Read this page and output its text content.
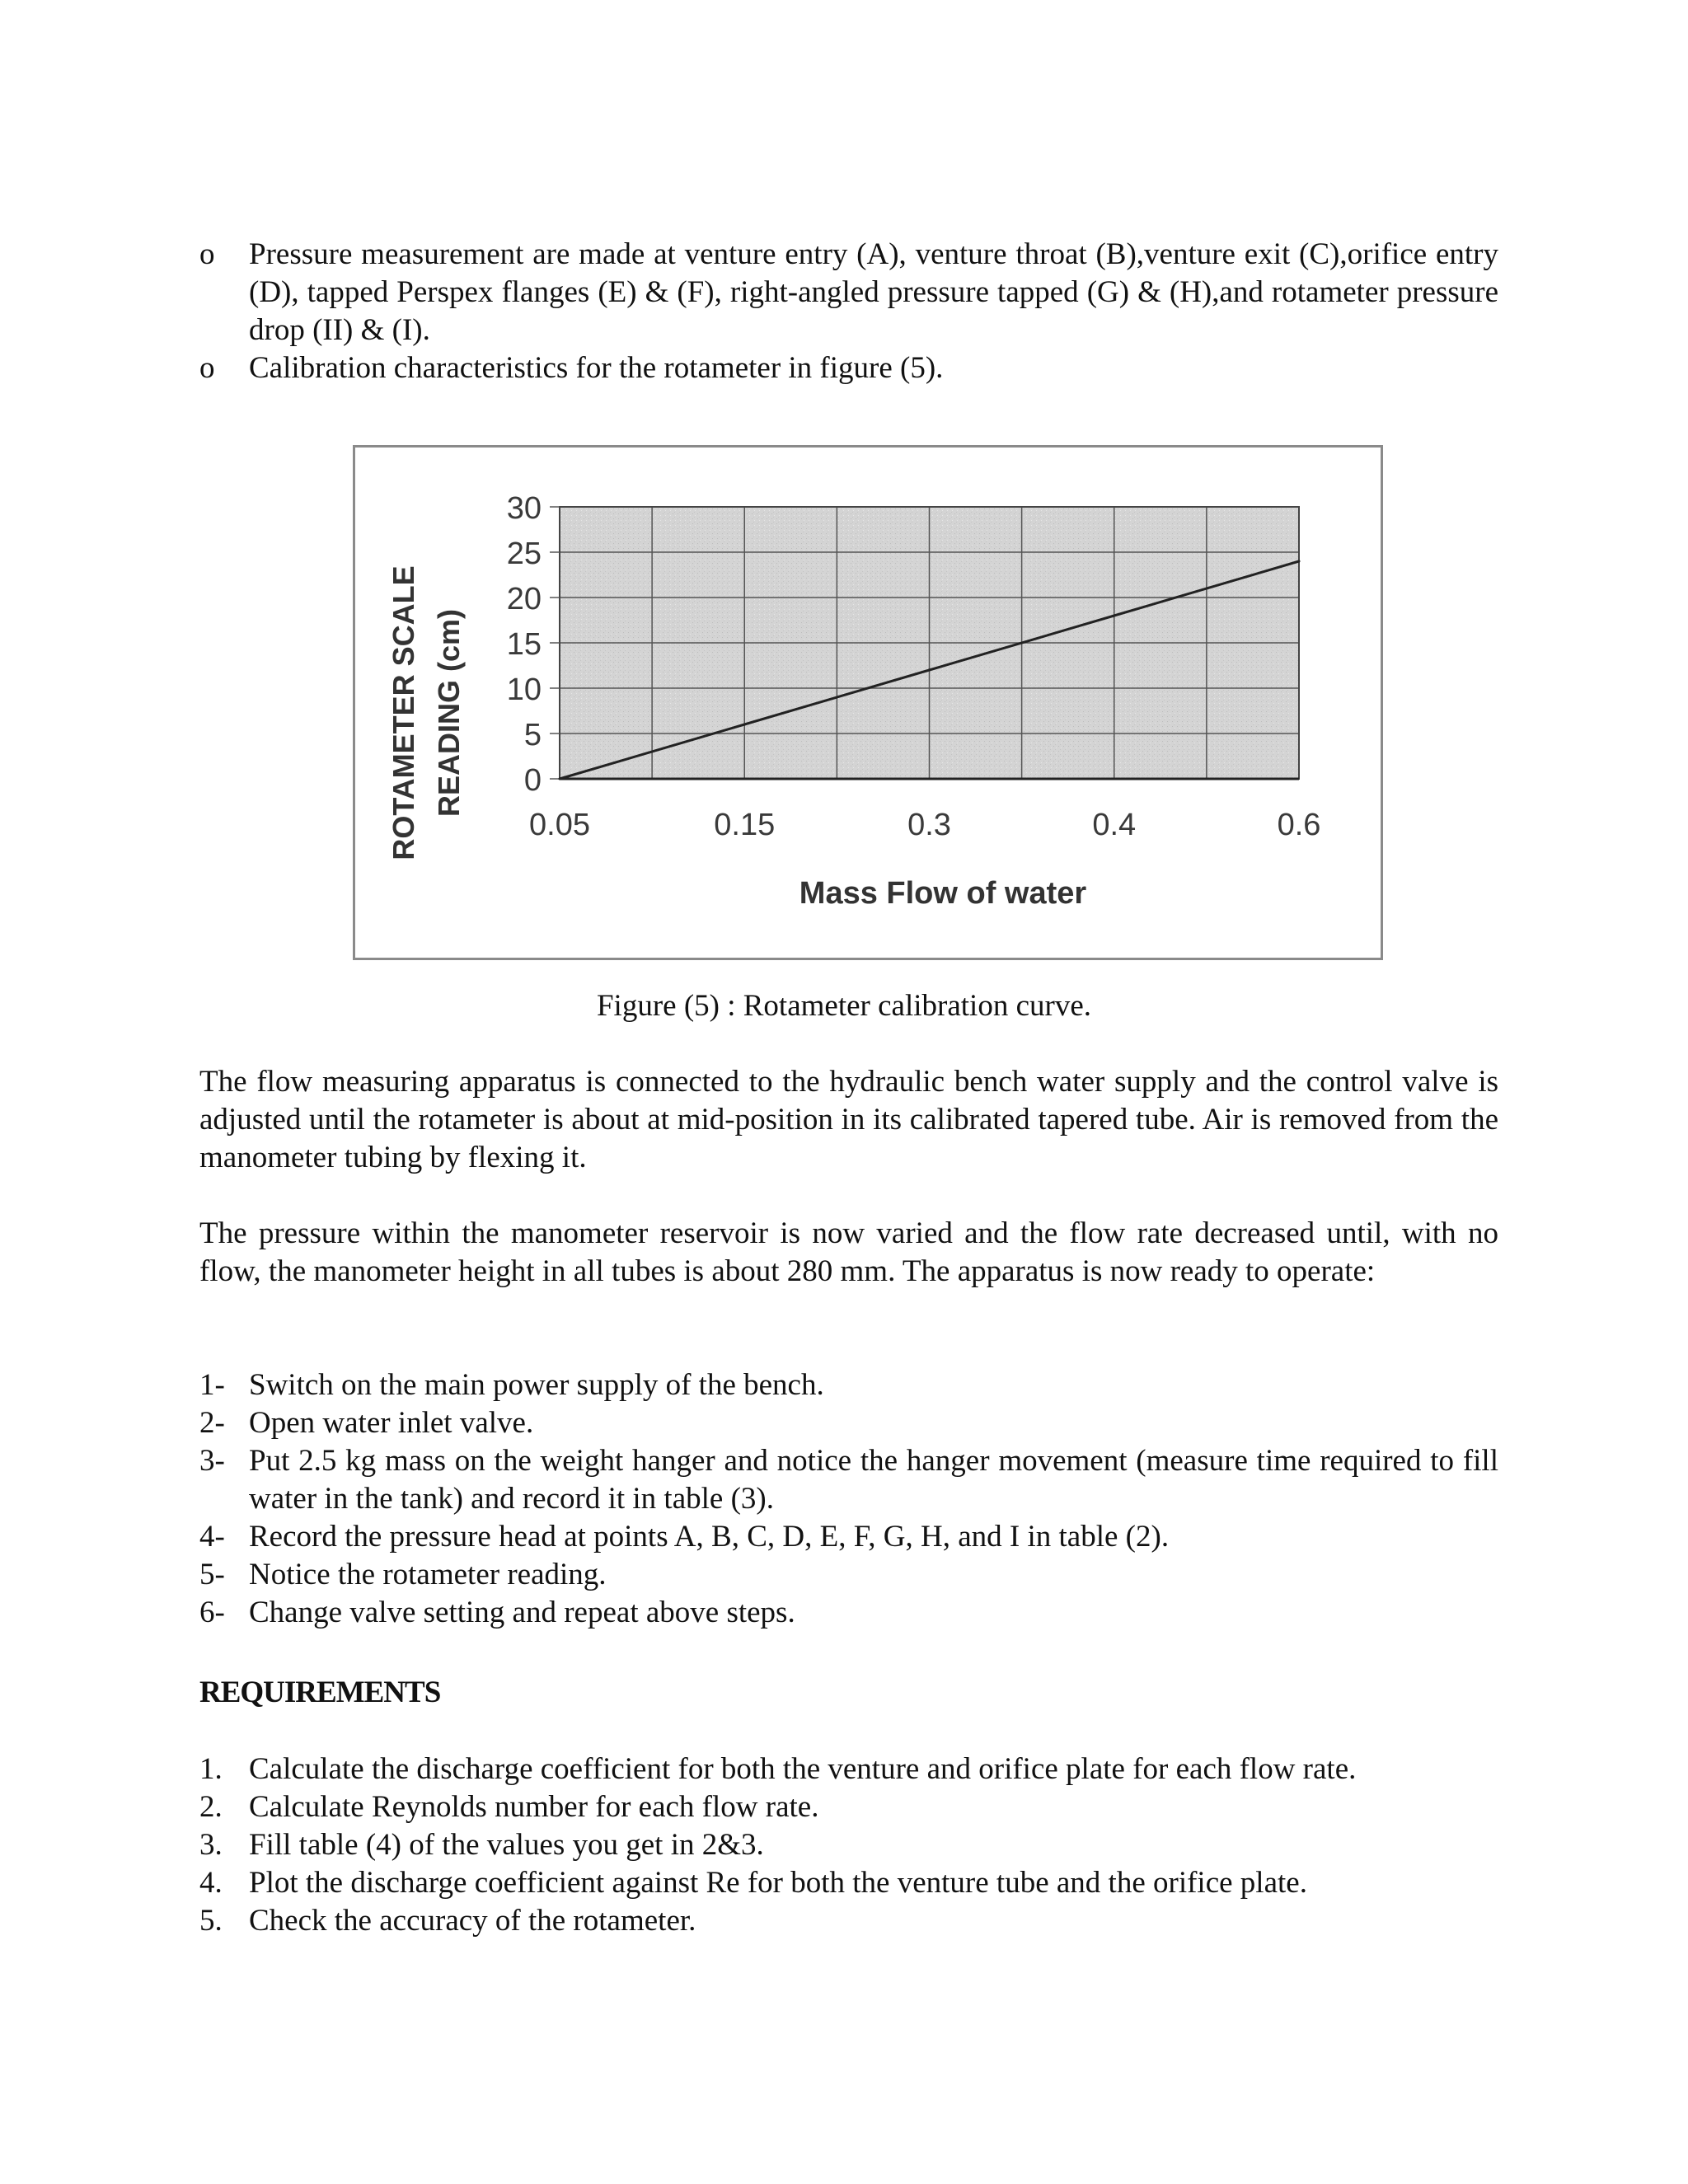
o Pressure measurement are made at venture entry (A), venture throat (B),venture exit (C),orifice entry (D), tapped Perspex flanges (E) & (F), right-angled pressure tapped (G) & (H),and rotameter pressure drop (II) & (I).
o Calibration characteristics for the rotameter in figure (5).
30
25
20
15
10
5
0
0.05	0.15	0.3	0.4	0.6
Mass Flow of water
ROTAMETER SCALE READING (cm)
Figure (5) : Rotameter calibration curve.
The flow measuring apparatus is connected to the hydraulic bench water supply and the control valve is adjusted until the rotameter is about at mid-position in its calibrated tapered tube. Air is removed from the manometer tubing by flexing it.
The pressure within the manometer reservoir is now varied and the flow rate decreased until, with no flow, the manometer height in all tubes is about 280 mm. The apparatus is now ready to operate:
1- Switch on the main power supply of the bench.
2- Open water inlet valve.
3- Put 2.5 kg mass on the weight hanger and notice the hanger movement (measure time required to fill water in the tank) and record it in table (3).
4- Record the pressure head at points A, B, C, D, E, F, G, H, and I in table (2).
5- Notice the rotameter reading.
6- Change valve setting and repeat above steps.
REQUIREMENTS
1. Calculate the discharge coefficient for both the venture and orifice plate for each flow rate.
2. Calculate Reynolds number for each flow rate.
3. Fill table (4) of the values you get in 2&3.
4. Plot the discharge coefficient against Re for both the venture tube and the orifice plate.
5. Check the accuracy of the rotameter.
